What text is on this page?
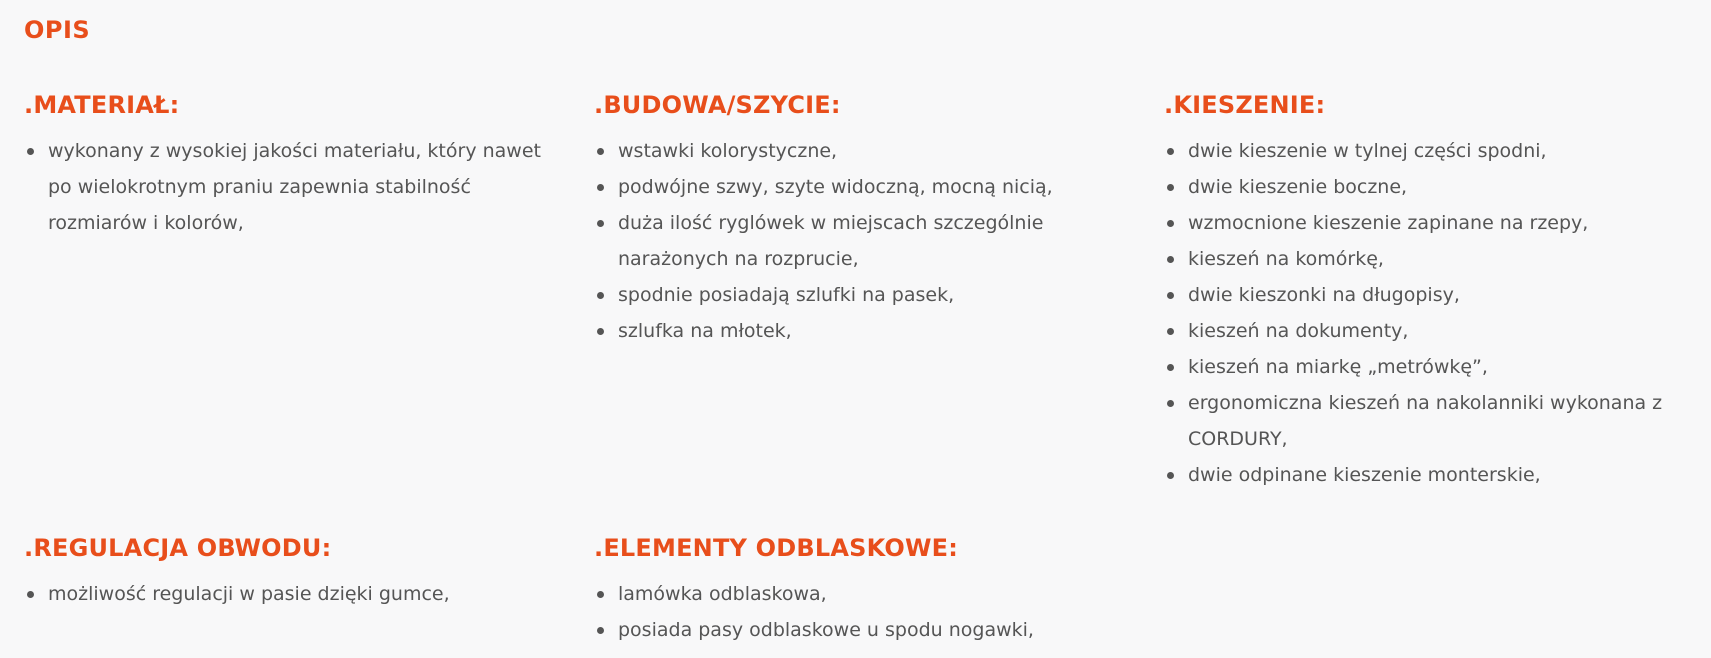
OPIS
.MATERIAŁ:
wykonany z wysokiej jakości materiału, który nawet po wielokrotnym praniu zapewnia stabilność rozmiarów i kolorów,
.BUDOWA/SZYCIE:
wstawki kolorystyczne,
podwójne szwy, szyte widoczną, mocną nicią,
duża ilość ryglówek w miejscach szczególnie narażonych na rozprucie,
spodnie posiadają szlufki na pasek,
szlufka na młotek,
.KIESZENIE:
dwie kieszenie w tylnej części spodni,
dwie kieszenie boczne,
wzmocnione kieszenie zapinane na rzepy,
kieszeń na komórkę,
dwie kieszonki na długopisy,
kieszeń na dokumenty,
kieszeń na miarkę „metrówkę”,
ergonomiczna kieszeń na nakolanniki wykonana z CORDURY,
dwie odpinane kieszenie monterskie,
.REGULACJA OBWODU:
możliwość regulacji w pasie dzięki gumce,
.ELEMENTY ODBLASKOWE:
lamówka odblaskowa,
posiada pasy odblaskowe u spodu nogawki,
